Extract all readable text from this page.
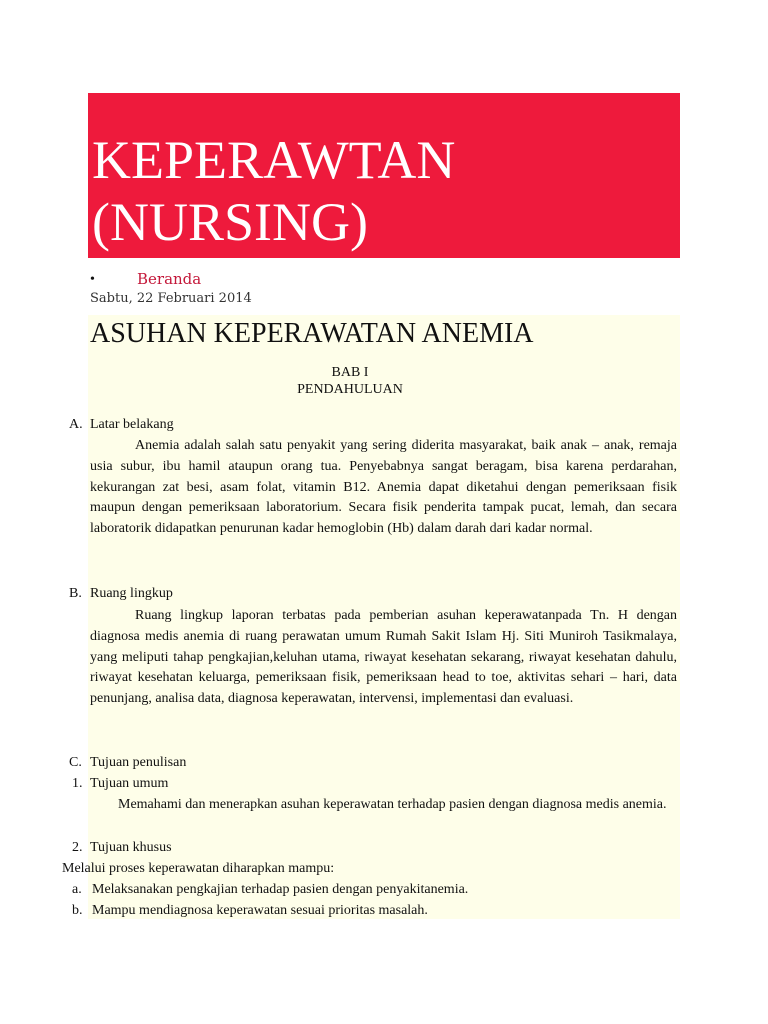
KEPERAWTAN
(NURSING)
•	Beranda
Sabtu, 22 Februari 2014
ASUHAN KEPERAWATAN ANEMIA
BAB I
PENDAHULUAN
A. Latar belakang
Anemia adalah salah satu penyakit yang sering diderita masyarakat, baik anak – anak, remaja usia subur, ibu hamil ataupun orang tua. Penyebabnya sangat beragam, bisa karena perdarahan, kekurangan zat besi, asam folat, vitamin B12. Anemia dapat diketahui dengan pemeriksaan fisik maupun dengan pemeriksaan laboratorium. Secara fisik penderita tampak pucat, lemah, dan secara laboratorik didapatkan penurunan kadar hemoglobin (Hb) dalam darah dari kadar normal.
B. Ruang lingkup
Ruang lingkup laporan terbatas pada pemberian asuhan keperawatanpada Tn. H dengan diagnosa medis anemia di ruang perawatan umum Rumah Sakit Islam Hj. Siti Muniroh Tasikmalaya, yang meliputi tahap pengkajian,keluhan utama, riwayat kesehatan sekarang, riwayat kesehatan dahulu, riwayat kesehatan keluarga, pemeriksaan fisik, pemeriksaan head to toe, aktivitas sehari – hari, data penunjang, analisa data, diagnosa keperawatan, intervensi, implementasi dan evaluasi.
C. Tujuan penulisan
1. Tujuan umum
Memahami dan menerapkan asuhan keperawatan terhadap pasien dengan diagnosa medis anemia.
2. Tujuan khusus
Melalui proses keperawatan diharapkan mampu:
a. Melaksanakan pengkajian terhadap pasien dengan penyakitanemia.
b. Mampu mendiagnosa keperawatan sesuai prioritas masalah.
